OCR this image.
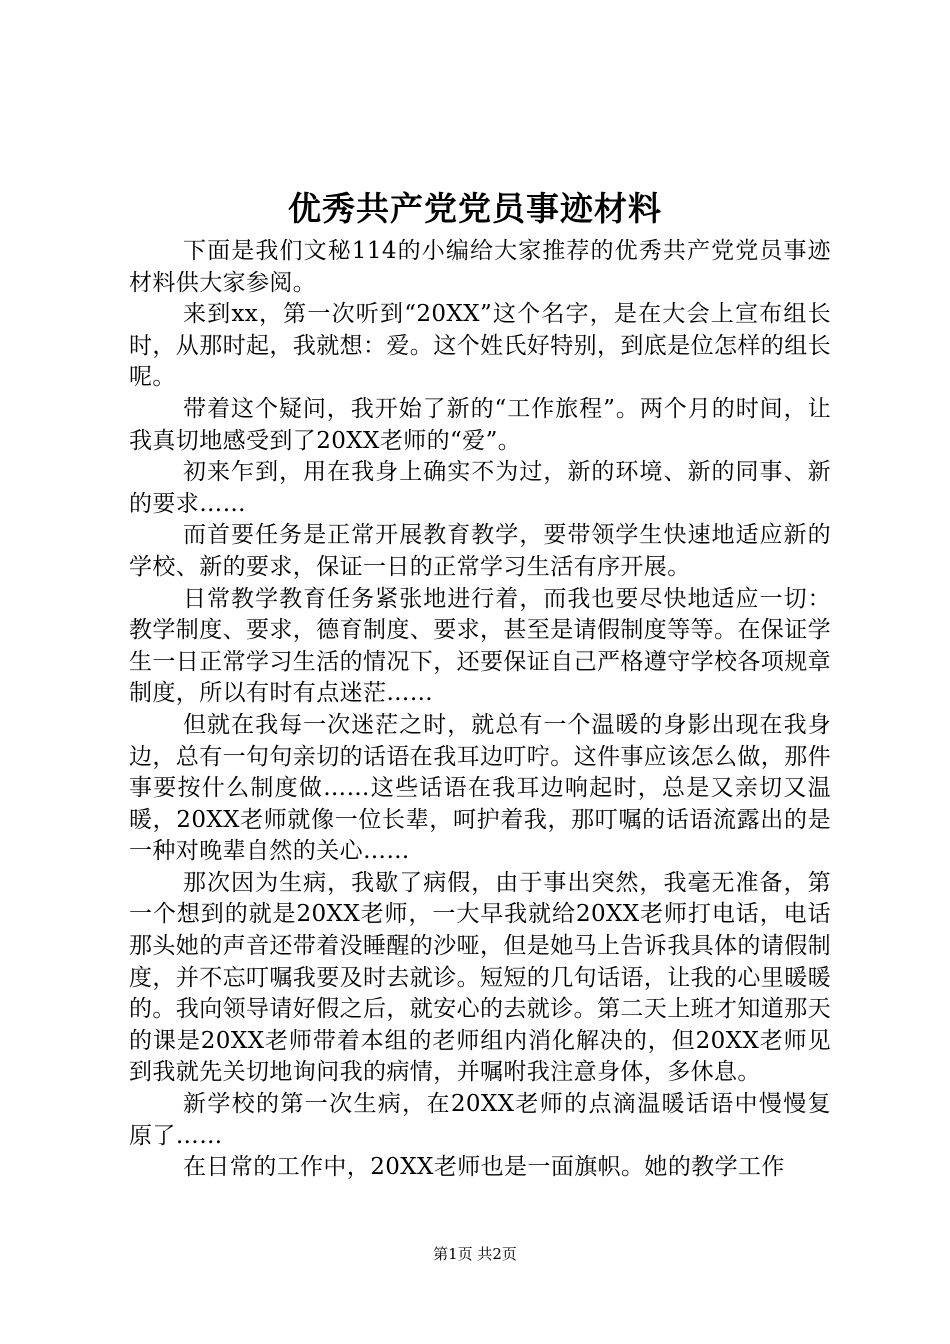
优秀共产党党员事迹材料

下面是我们文秘114的小编给大家推荐的优秀共产党党员事迹材料供大家参阅。

来到xx，第一次听到“20XX”这个名字，是在大会上宣布组长时，从那时起，我就想：爱。这个姓氏好特别，到底是位怎样的组长呢。

带着这个疑问，我开始了新的“工作旅程”。两个月的时间，让我真切地感受到了20XX老师的“爱”。

初来乍到，用在我身上确实不为过，新的环境、新的同事、新的要求……

而首要任务是正常开展教育教学，要带领学生快速地适应新的学校、新的要求，保证一日的正常学习生活有序开展。

日常教学教育任务紧张地进行着，而我也要尽快地适应一切：教学制度、要求，德育制度、要求，甚至是请假制度等等。在保证学生一日正常学习生活的情况下，还要保证自己严格遵守学校各项规章制度，所以有时有点迷茫……

但就在我每一次迷茫之时，就总有一个温暖的身影出现在我身边，总有一句句亲切的话语在我耳边叮咛。这件事应该怎么做，那件事要按什么制度做……这些话语在我耳边响起时，总是又亲切又温暖，20XX老师就像一位长辈，呵护着我，那叮嘱的话语流露出的是一种对晚辈自然的关心……

那次因为生病，我歇了病假，由于事出突然，我毫无准备，第一个想到的就是20XX老师，一大早我就给20XX老师打电话，电话那头她的声音还带着没睡醒的沙哑，但是她马上告诉我具体的请假制度，并不忘叮嘱我要及时去就诊。短短的几句话语，让我的心里暖暖的。我向领导请好假之后，就安心的去就诊。第二天上班才知道那天的课是20XX老师带着本组的老师组内消化解决的，但20XX老师见到我就先关切地询问我的病情，并嘱咐我注意身体，多休息。

新学校的第一次生病，在20XX老师的点滴温暖话语中慢慢复原了……

在日常的工作中，20XX老师也是一面旗帜。她的教学工作

第1页 共2页
